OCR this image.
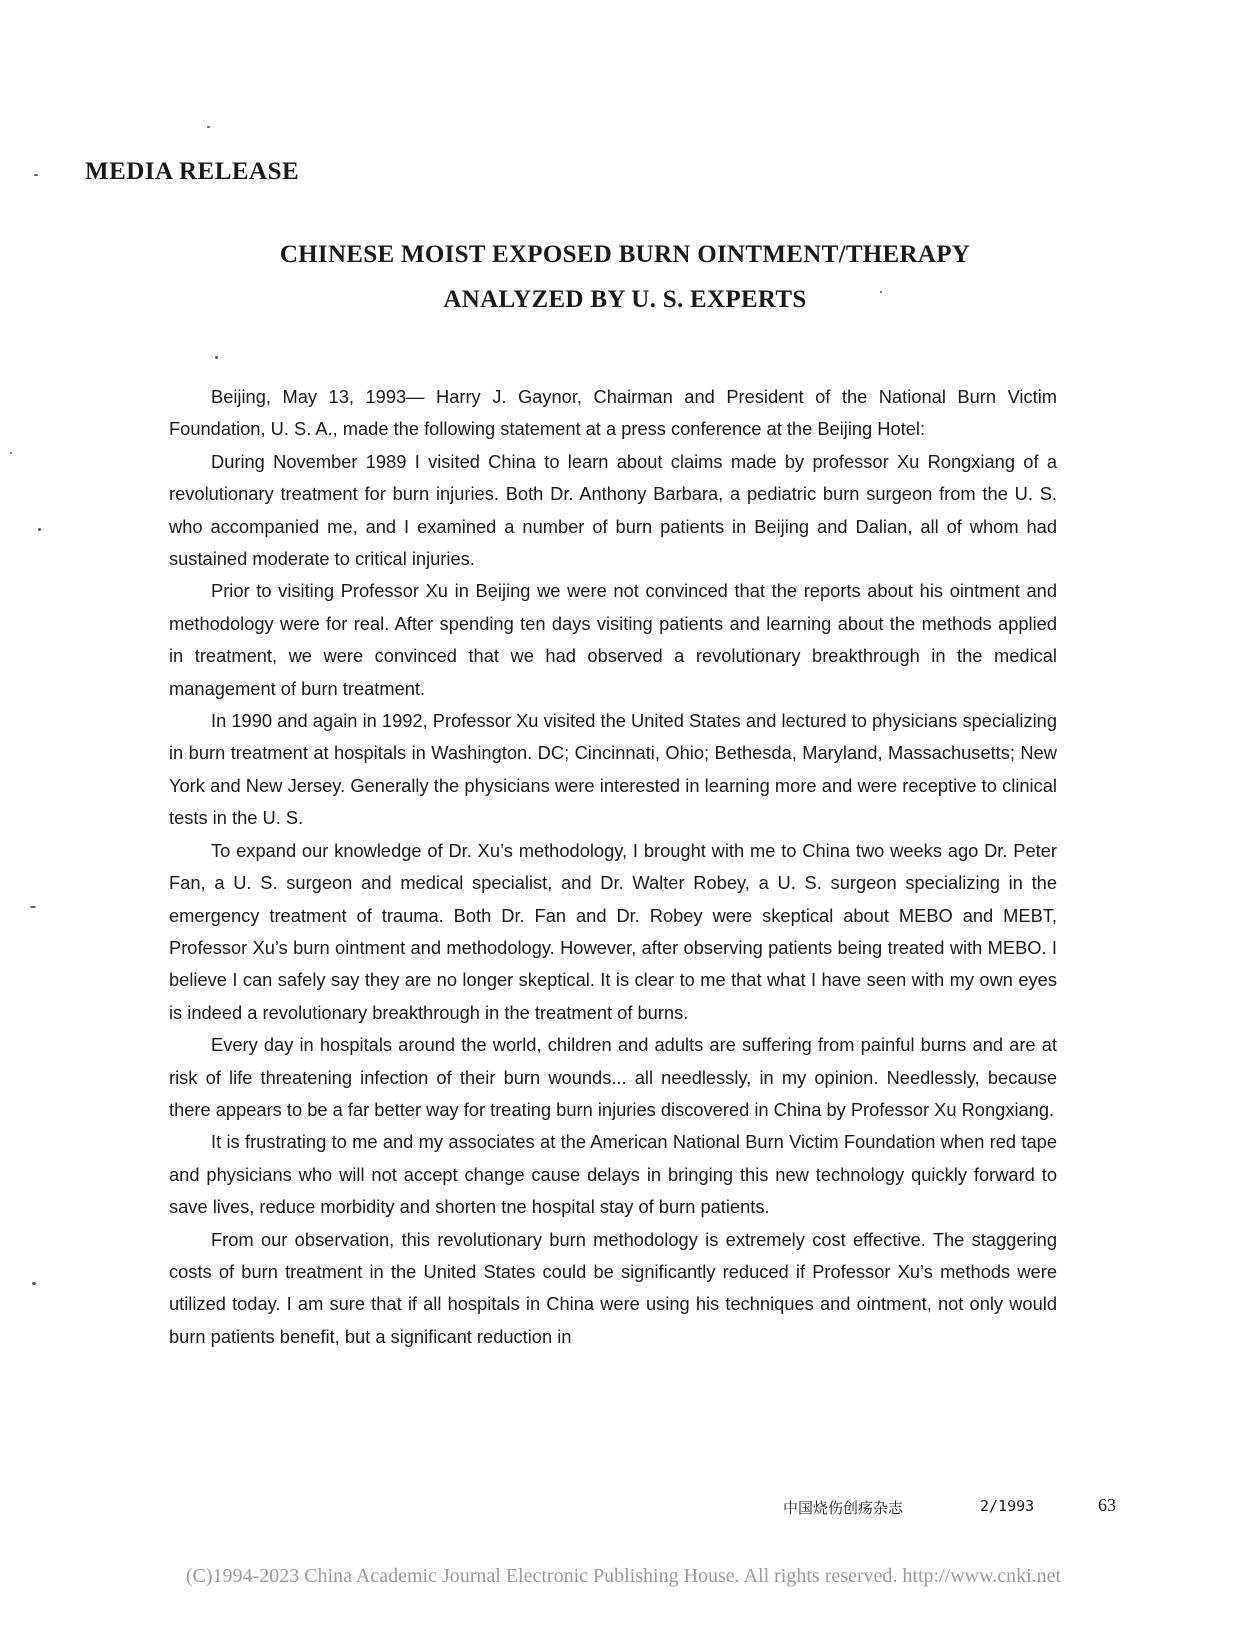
MEDIA RELEASE
CHINESE MOIST EXPOSED BURN OINTMENT/THERAPY
ANALYZED BY U. S. EXPERTS

Beijing, May 13, 1993— Harry J. Gaynor, Chairman and President of the National Burn Victim Foundation, U. S. A., made the following statement at a press conference at the Beijing Hotel:

During November 1989 I visited China to learn about claims made by professor Xu Rongxiang of a revolutionary treatment for burn injuries. Both Dr. Anthony Barbara, a pediatric burn surgeon from the U. S. who accompanied me, and I examined a number of burn patients in Beijing and Dalian, all of whom had sustained moderate to critical injuries.

Prior to visiting Professor Xu in Beijing we were not convinced that the reports about his ointment and methodology were for real. After spending ten days visiting patients and learning about the methods applied in treatment, we were convinced that we had observed a revolutionary breakthrough in the medical management of burn treatment.

In 1990 and again in 1992, Professor Xu visited the United States and lectured to physicians specializing in burn treatment at hospitals in Washington. DC; Cincinnati, Ohio; Bethesda, Maryland, Massachusetts; New York and New Jersey. Generally the physicians were interested in learning more and were receptive to clinical tests in the U. S.

To expand our knowledge of Dr. Xu’s methodology, I brought with me to China two weeks ago Dr. Peter Fan, a U. S. surgeon and medical specialist, and Dr. Walter Robey, a U. S. surgeon specializing in the emergency treatment of trauma. Both Dr. Fan and Dr. Robey were skeptical about MEBO and MEBT, Professor Xu’s burn ointment and methodology. However, after observing patients being treated with MEBO. I believe I can safely say they are no longer skeptical. It is clear to me that what I have seen with my own eyes is indeed a revolutionary breakthrough in the treatment of burns.

Every day in hospitals around the world, children and adults are suffering from painful burns and are at risk of life threatening infection of their burn wounds... all needlessly, in my opinion. Needlessly, because there appears to be a far better way for treating burn injuries discovered in China by Professor Xu Rongxiang.

It is frustrating to me and my associates at the American National Burn Victim Foundation when red tape and physicians who will not accept change cause delays in bringing this new technology quickly forward to save lives, reduce morbidity and shorten tne hospital stay of burn patients.

From our observation, this revolutionary burn methodology is extremely cost effective. The staggering costs of burn treatment in the United States could be significantly reduced if Professor Xu’s methods were utilized today. I am sure that if all hospitals in China were using his techniques and ointment, not only would burn patients benefit, but a significant reduction in

中国烧伤创疡杂志	2/1993	63
(C)1994-2023 China Academic Journal Electronic Publishing House. All rights reserved. http://www.cnki.net
